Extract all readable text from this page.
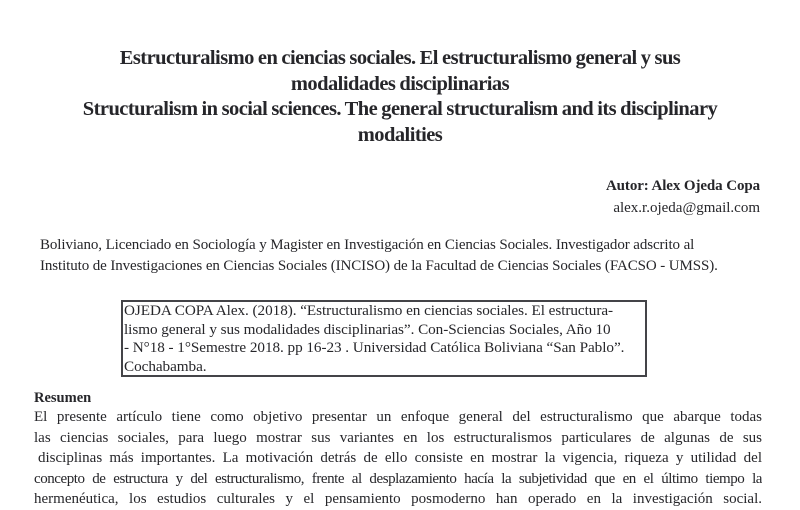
Estructuralismo en ciencias sociales. El estructuralismo general y sus
modalidades disciplinarias
Structuralism in social sciences. The general structuralism and its disciplinary
modalities
Autor: Alex Ojeda Copa
alex.r.ojeda@gmail.com
Boliviano, Licenciado en Sociología y Magister en Investigación en Ciencias Sociales. Investigador adscrito al
Instituto de Investigaciones en Ciencias Sociales (INCISO) de la Facultad de Ciencias Sociales (FACSO - UMSS).
OJEDA COPA Alex. (2018). “Estructuralismo en ciencias sociales. El estructura-
lismo general y sus modalidades disciplinarias”. Con-Sciencias Sociales, Año 10
- N°18 - 1°Semestre 2018. pp 16-23 . Universidad Católica Boliviana “San Pablo”.
Cochabamba.
Resumen
El presente artículo tiene como objetivo presentar un enfoque general del estructuralismo que abarque todas
las ciencias sociales, para luego mostrar sus variantes en los estructuralismos particulares de algunas de sus
disciplinas más importantes. La motivación detrás de ello consiste en mostrar la vigencia, riqueza y utilidad del
concepto de estructura y del estructuralismo, frente al desplazamiento hacía la subjetividad que en el último tiempo la
hermenéutica, los estudios culturales y el pensamiento posmoderno han operado en la investigación social.
